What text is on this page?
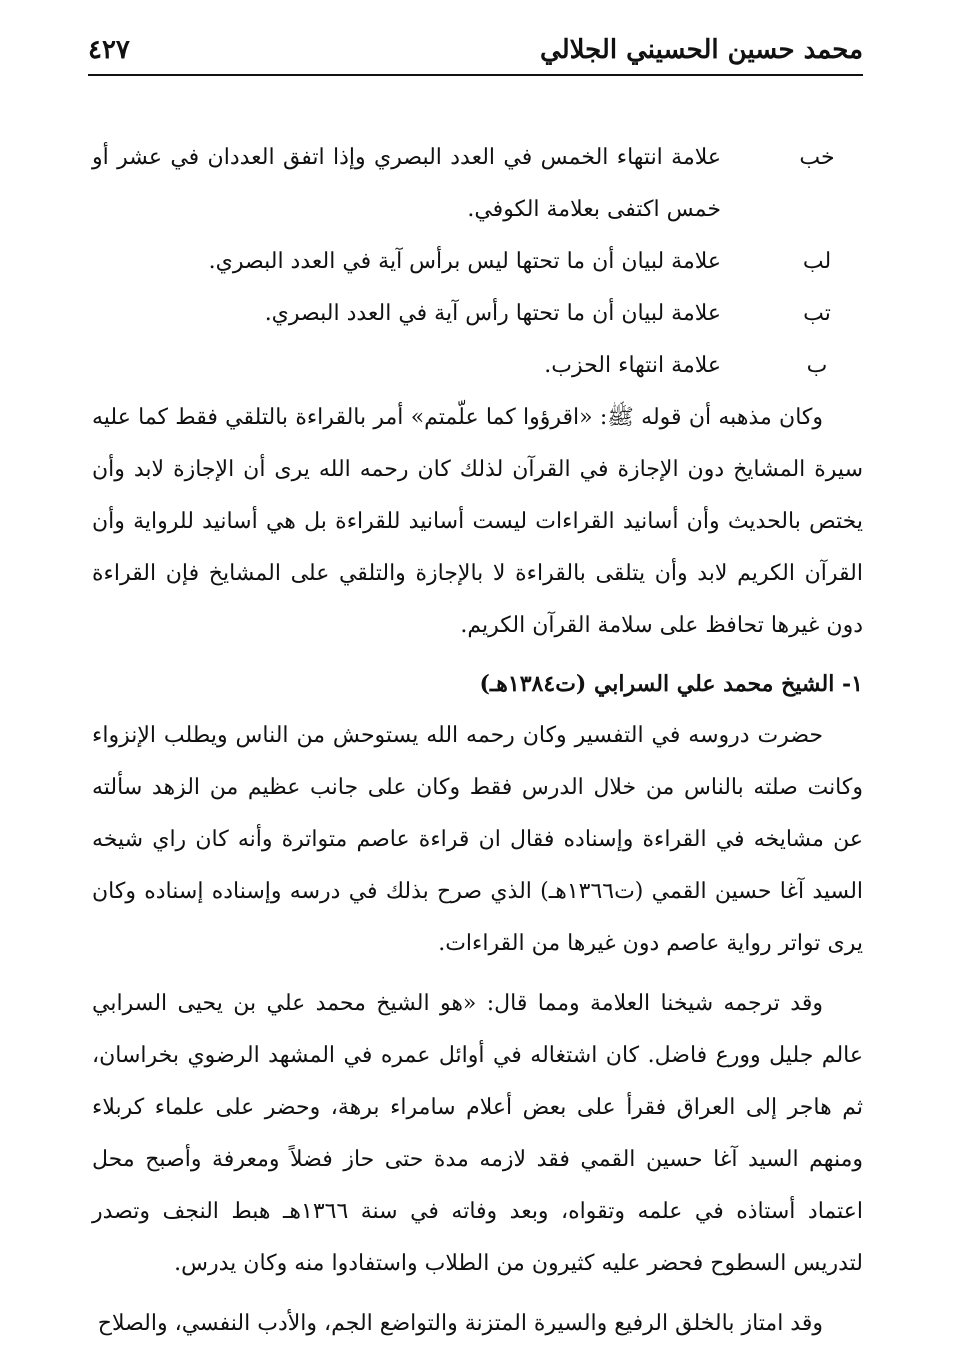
محمد حسين الحسيني الجلالي
٤٢٧
خب
علامة انتهاء الخمس في العدد البصري وإذا اتفق العددان في عشر أو خمس اكتفى بعلامة الكوفي.
لب
علامة لبيان أن ما تحتها ليس برأس آية في العدد البصري.
تب
علامة لبيان أن ما تحتها رأس آية في العدد البصري.
ب
علامة انتهاء الحزب.

وكان مذهبه أن قوله ﷺ: «اقرؤوا كما علّمتم» أمر بالقراءة بالتلقي فقط كما عليه سيرة المشايخ دون الإجازة في القرآن لذلك كان رحمه الله يرى أن الإجازة لابد وأن يختص بالحديث وأن أسانيد القراءات ليست أسانيد للقراءة بل هي أسانيد للرواية وأن القرآن الكريم لابد وأن يتلقى بالقراءة لا بالإجازة والتلقي على المشايخ فإن القراءة دون غيرها تحافظ على سلامة القرآن الكريم.

١- الشيخ محمد علي السرابي (ت١٣٨٤هـ)

حضرت دروسه في التفسير وكان رحمه الله يستوحش من الناس ويطلب الإنزواء وكانت صلته بالناس من خلال الدرس فقط وكان على جانب عظيم من الزهد سألته عن مشايخه في القراءة وإسناده فقال ان قراءة عاصم متواترة وأنه كان راي شيخه السيد آغا حسين القمي (ت١٣٦٦هـ) الذي صرح بذلك في درسه وإسناده إسناده وكان يرى تواتر رواية عاصم دون غيرها من القراءات.

وقد ترجمه شيخنا العلامة ومما قال: «هو الشيخ محمد علي بن يحيى السرابي عالم جليل وورع فاضل. كان اشتغاله في أوائل عمره في المشهد الرضوي بخراسان، ثم هاجر إلى العراق فقرأ على بعض أعلام سامراء برهة، وحضر على علماء كربلاء ومنهم السيد آغا حسين القمي فقد لازمه مدة حتى حاز فضلاً ومعرفة وأصبح محل اعتماد أستاذه في علمه وتقواه، وبعد وفاته في سنة ١٣٦٦هـ هبط النجف وتصدر لتدريس السطوح فحضر عليه كثيرون من الطلاب واستفادوا منه وكان يدرس.

وقد امتاز بالخلق الرفيع والسيرة المتزنة والتواضع الجم، والأدب النفسي، والصلاح
